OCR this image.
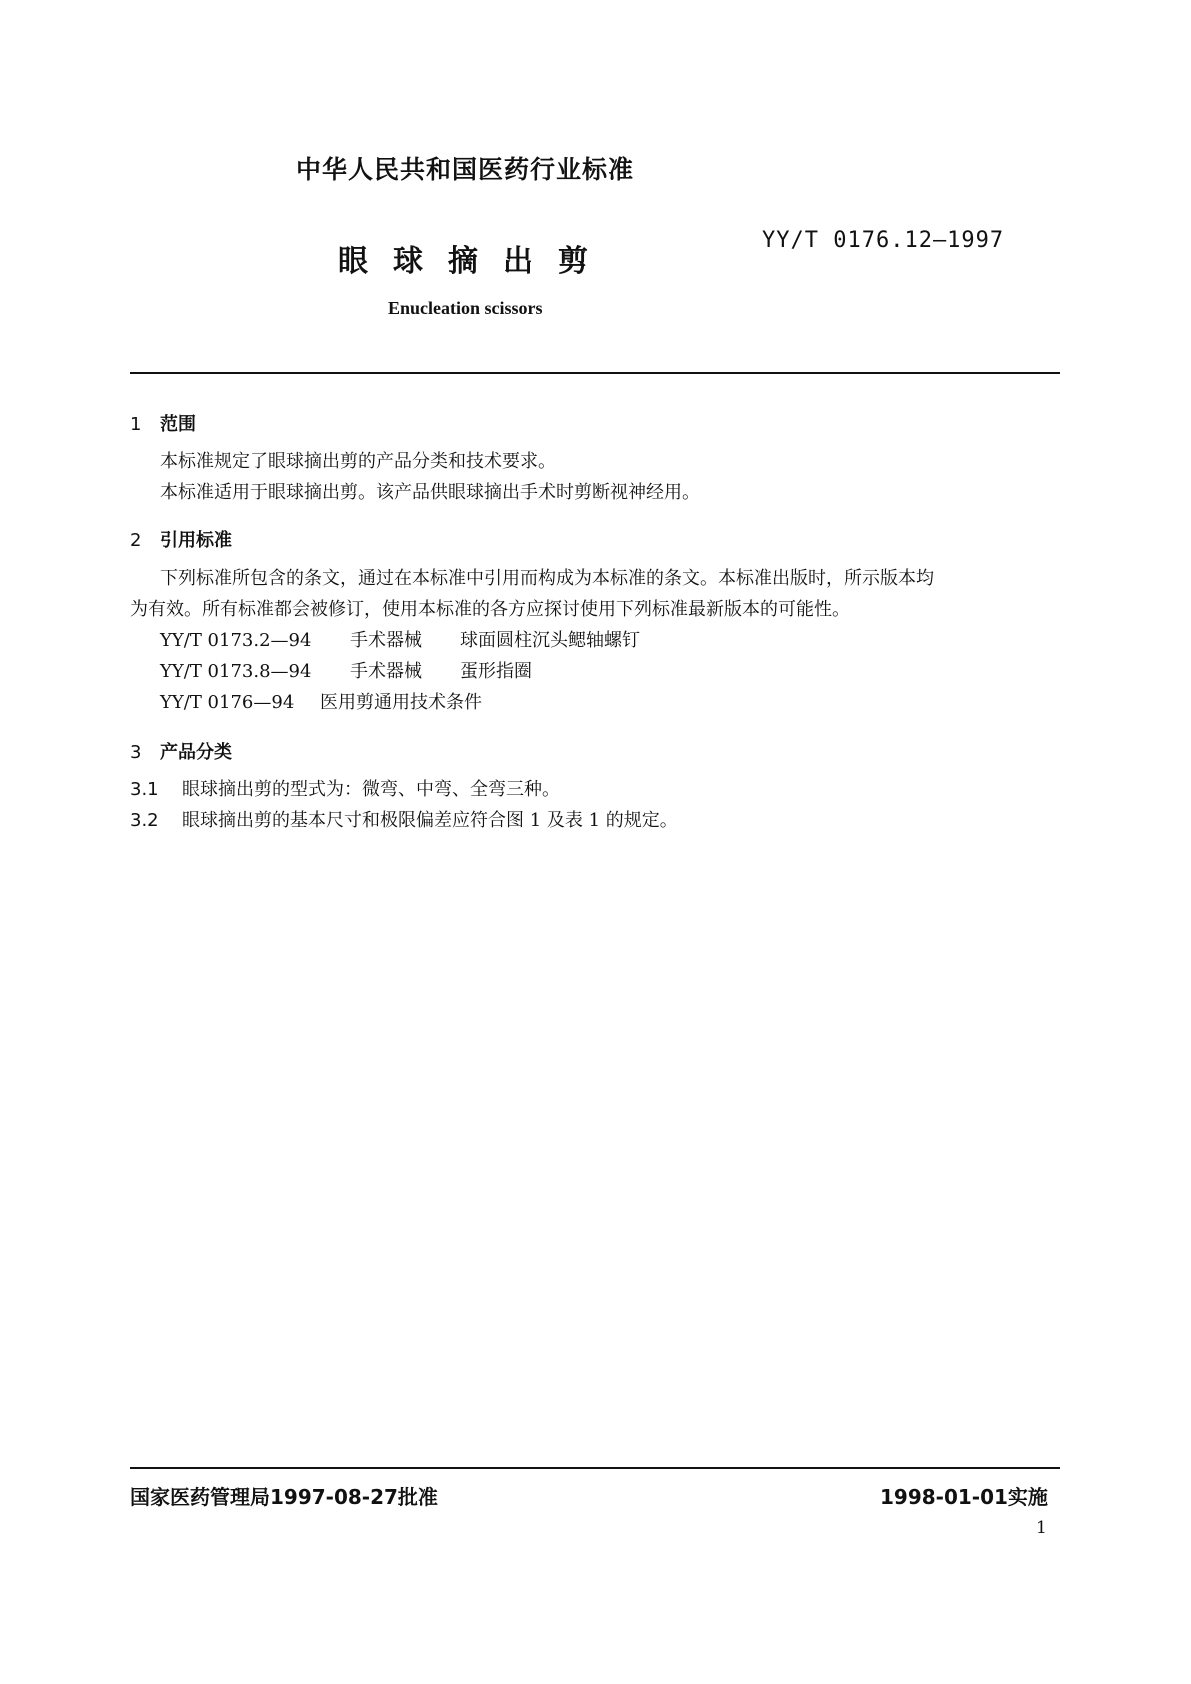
中华人民共和国医药行业标准
眼球摘出剪
YY/T 0176.12—1997
Enucleation scissors
1 范围
本标准规定了眼球摘出剪的产品分类和技术要求。
本标准适用于眼球摘出剪。该产品供眼球摘出手术时剪断视神经用。
2 引用标准
下列标准所包含的条文，通过在本标准中引用而构成为本标准的条文。本标准出版时，所示版本均
为有效。所有标准都会被修订，使用本标准的各方应探讨使用下列标准最新版本的可能性。
YY/T 0173.2—94 手术器械 球面圆柱沉头鳃轴螺钉
YY/T 0173.8—94 手术器械 蛋形指圈
YY/T 0176—94 医用剪通用技术条件
3 产品分类
3.1 眼球摘出剪的型式为：微弯、中弯、全弯三种。
3.2 眼球摘出剪的基本尺寸和极限偏差应符合图 1 及表 1 的规定。
国家医药管理局1997-08-27批准	1998-01-01实施
1
